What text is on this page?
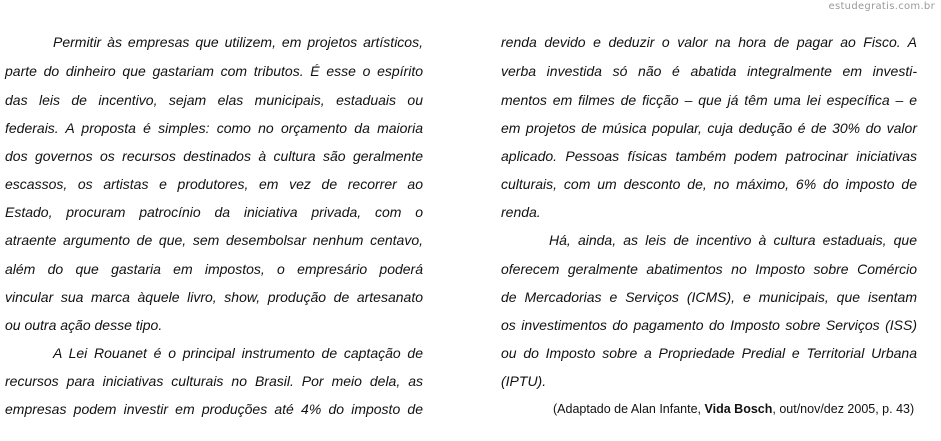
estudegratis.com.br
Permitir às empresas que utilizem, em projetos artísticos,
parte do dinheiro que gastariam com tributos. É esse o espírito
das leis de incentivo, sejam elas municipais, estaduais ou
federais. A proposta é simples: como no orçamento da maioria
dos governos os recursos destinados à cultura são geralmente
escassos, os artistas e produtores, em vez de recorrer ao
Estado, procuram patrocínio da iniciativa privada, com o
atraente argumento de que, sem desembolsar nenhum centavo,
além do que gastaria em impostos, o empresário poderá
vincular sua marca àquele livro, show, produção de artesanato
ou outra ação desse tipo.
A Lei Rouanet é o principal instrumento de captação de
recursos para iniciativas culturais no Brasil. Por meio dela, as
empresas podem investir em produções até 4% do imposto de
renda devido e deduzir o valor na hora de pagar ao Fisco. A
verba investida só não é abatida integralmente em investi-
mentos em filmes de ficção – que já têm uma lei específica – e
em projetos de música popular, cuja dedução é de 30% do valor
aplicado. Pessoas físicas também podem patrocinar iniciativas
culturais, com um desconto de, no máximo, 6% do imposto de
renda.
Há, ainda, as leis de incentivo à cultura estaduais, que
oferecem geralmente abatimentos no Imposto sobre Comércio
de Mercadorias e Serviços (ICMS), e municipais, que isentam
os investimentos do pagamento do Imposto sobre Serviços (ISS)
ou do Imposto sobre a Propriedade Predial e Territorial Urbana
(IPTU).
(Adaptado de Alan Infante, Vida Bosch, out/nov/dez 2005, p. 43)
